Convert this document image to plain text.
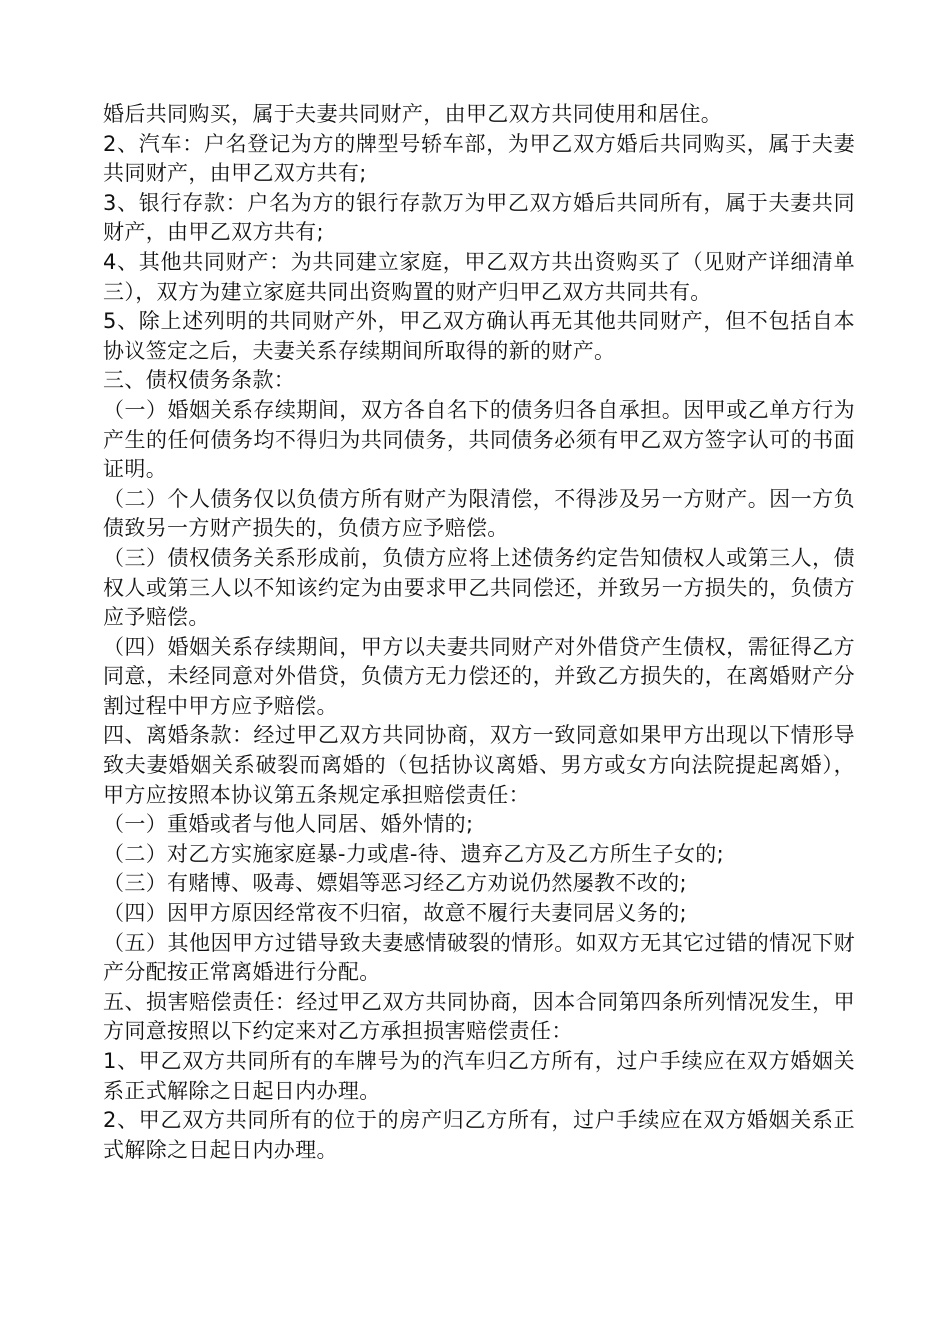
婚后共同购买，属于夫妻共同财产，由甲乙双方共同使用和居住。

2、汽车：户名登记为方的牌型号轿车部，为甲乙双方婚后共同购买，属于夫妻共同财产，由甲乙双方共有;

3、银行存款：户名为方的银行存款万为甲乙双方婚后共同所有，属于夫妻共同财产，由甲乙双方共有;

4、其他共同财产：为共同建立家庭，甲乙双方共出资购买了（见财产详细清单三），双方为建立家庭共同出资购置的财产归甲乙双方共同共有。

5、除上述列明的共同财产外，甲乙双方确认再无其他共同财产，但不包括自本协议签定之后，夫妻关系存续期间所取得的新的财产。

三、债权债务条款：

（一）婚姻关系存续期间，双方各自名下的债务归各自承担。因甲或乙单方行为产生的任何债务均不得归为共同债务，共同债务必须有甲乙双方签字认可的书面证明。

（二）个人债务仅以负债方所有财产为限清偿，不得涉及另一方财产。因一方负债致另一方财产损失的，负债方应予赔偿。

（三）债权债务关系形成前，负债方应将上述债务约定告知债权人或第三人，债权人或第三人以不知该约定为由要求甲乙共同偿还，并致另一方损失的，负债方应予赔偿。

（四）婚姻关系存续期间，甲方以夫妻共同财产对外借贷产生债权，需征得乙方同意，未经同意对外借贷，负债方无力偿还的，并致乙方损失的，在离婚财产分割过程中甲方应予赔偿。

四、离婚条款：经过甲乙双方共同协商，双方一致同意如果甲方出现以下情形导致夫妻婚姻关系破裂而离婚的（包括协议离婚、男方或女方向法院提起离婚），甲方应按照本协议第五条规定承担赔偿责任：

（一）重婚或者与他人同居、婚外情的;

（二）对乙方实施家庭暴-力或虐-待、遗弃乙方及乙方所生子女的;

（三）有赌博、吸毒、嫖娼等恶习经乙方劝说仍然屡教不改的;

（四）因甲方原因经常夜不归宿，故意不履行夫妻同居义务的;

（五）其他因甲方过错导致夫妻感情破裂的情形。如双方无其它过错的情况下财产分配按正常离婚进行分配。

五、损害赔偿责任：经过甲乙双方共同协商，因本合同第四条所列情况发生，甲方同意按照以下约定来对乙方承担损害赔偿责任：

1、甲乙双方共同所有的车牌号为的汽车归乙方所有，过户手续应在双方婚姻关系正式解除之日起日内办理。

2、甲乙双方共同所有的位于的房产归乙方所有，过户手续应在双方婚姻关系正式解除之日起日内办理。
